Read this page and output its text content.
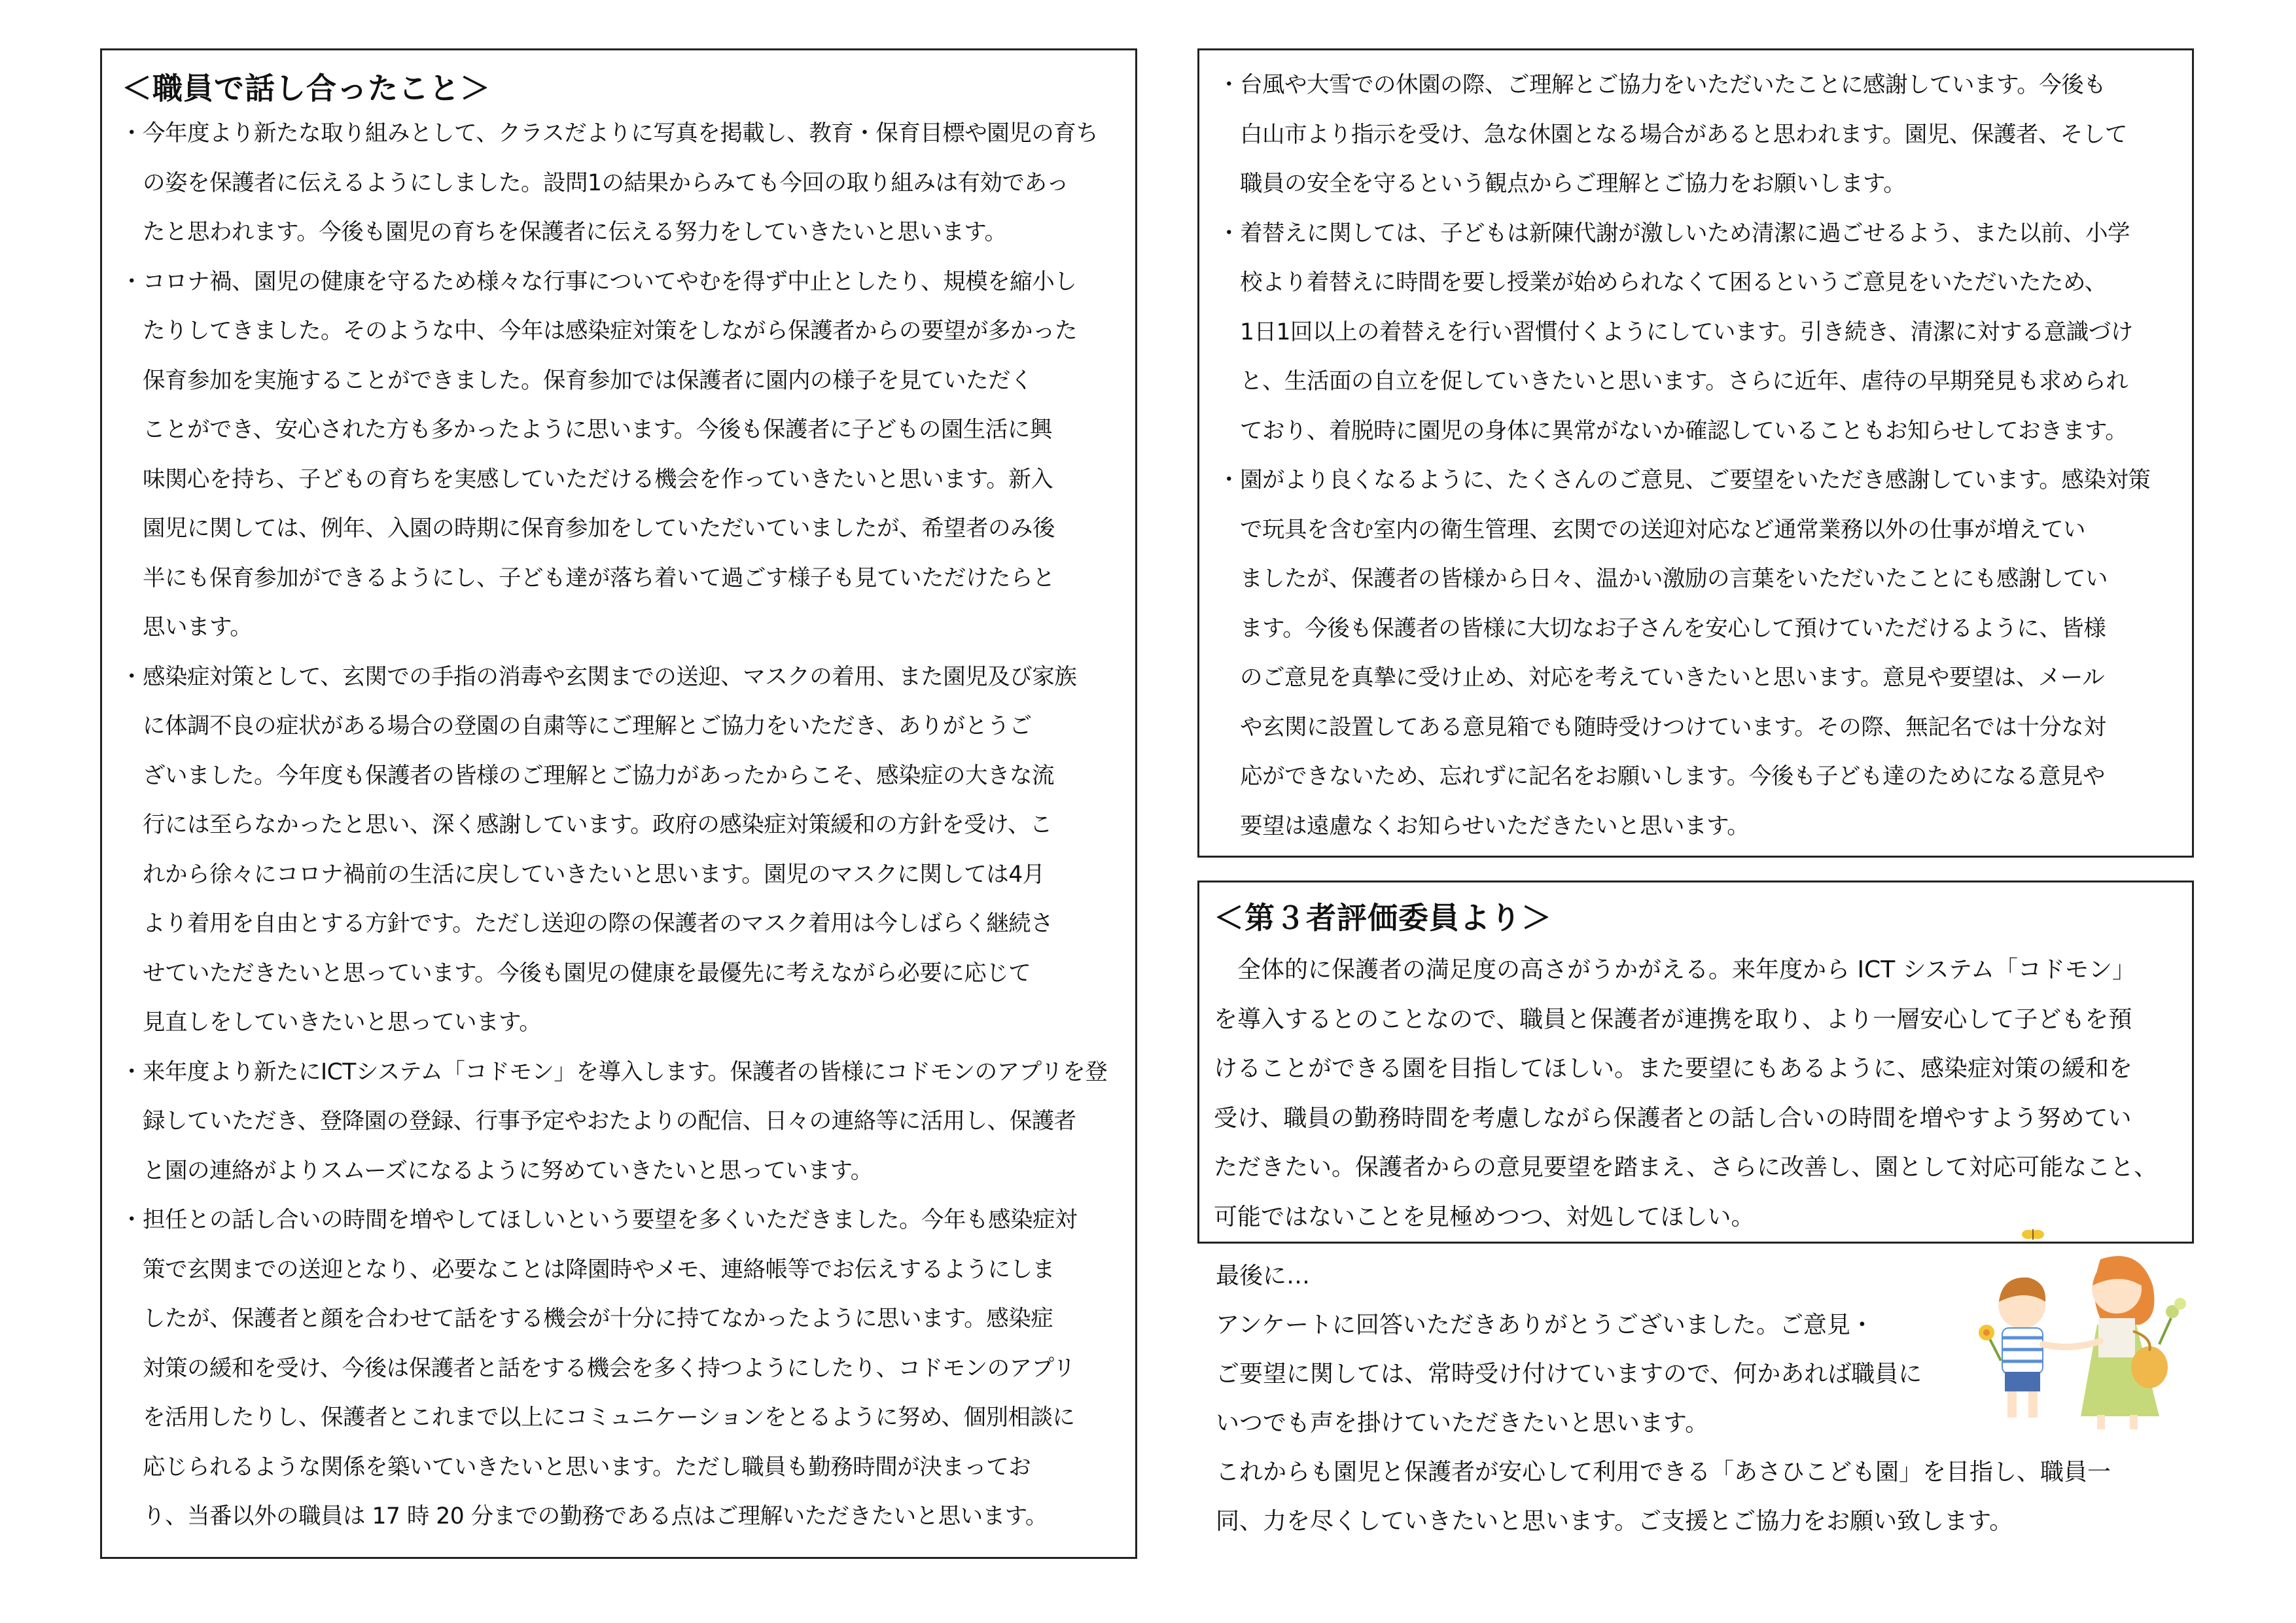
＜職員で話し合ったこと＞
・今年度より新たな取り組みとして、クラスだよりに写真を掲載し、教育・保育目標や園児の育ち
　の姿を保護者に伝えるようにしました。設問1の結果からみても今回の取り組みは有効であっ
　たと思われます。今後も園児の育ちを保護者に伝える努力をしていきたいと思います。
・コロナ禍、園児の健康を守るため様々な行事についてやむを得ず中止としたり、規模を縮小し
　たりしてきました。そのような中、今年は感染症対策をしながら保護者からの要望が多かった
　保育参加を実施することができました。保育参加では保護者に園内の様子を見ていただく
　ことができ、安心された方も多かったように思います。今後も保護者に子どもの園生活に興
　味関心を持ち、子どもの育ちを実感していただける機会を作っていきたいと思います。新入
　園児に関しては、例年、入園の時期に保育参加をしていただいていましたが、希望者のみ後
　半にも保育参加ができるようにし、子ども達が落ち着いて過ごす様子も見ていただけたらと
　思います。
・感染症対策として、玄関での手指の消毒や玄関までの送迎、マスクの着用、また園児及び家族
　に体調不良の症状がある場合の登園の自粛等にご理解とご協力をいただき、ありがとうご
　ざいました。今年度も保護者の皆様のご理解とご協力があったからこそ、感染症の大きな流
　行には至らなかったと思い、深く感謝しています。政府の感染症対策緩和の方針を受け、こ
　れから徐々にコロナ禍前の生活に戻していきたいと思います。園児のマスクに関しては4月
　より着用を自由とする方針です。ただし送迎の際の保護者のマスク着用は今しばらく継続さ
　せていただきたいと思っています。今後も園児の健康を最優先に考えながら必要に応じて
　見直しをしていきたいと思っています。
・来年度より新たにICTシステム「コドモン」を導入します。保護者の皆様にコドモンのアプリを登
　録していただき、登降園の登録、行事予定やおたよりの配信、日々の連絡等に活用し、保護者
　と園の連絡がよりスムーズになるように努めていきたいと思っています。
・担任との話し合いの時間を増やしてほしいという要望を多くいただきました。今年も感染症対
　策で玄関までの送迎となり、必要なことは降園時やメモ、連絡帳等でお伝えするようにしま
　したが、保護者と顔を合わせて話をする機会が十分に持てなかったように思います。感染症
　対策の緩和を受け、今後は保護者と話をする機会を多く持つようにしたり、コドモンのアプリ
　を活用したりし、保護者とこれまで以上にコミュニケーションをとるように努め、個別相談に
　応じられるような関係を築いていきたいと思います。ただし職員も勤務時間が決まってお
　り、当番以外の職員は 17 時 20 分までの勤務である点はご理解いただきたいと思います。
・台風や大雪での休園の際、ご理解とご協力をいただいたことに感謝しています。今後も
　白山市より指示を受け、急な休園となる場合があると思われます。園児、保護者、そして
　職員の安全を守るという観点からご理解とご協力をお願いします。
・着替えに関しては、子どもは新陳代謝が激しいため清潔に過ごせるよう、また以前、小学
　校より着替えに時間を要し授業が始められなくて困るというご意見をいただいたため、
　1日1回以上の着替えを行い習慣付くようにしています。引き続き、清潔に対する意識づけ
　と、生活面の自立を促していきたいと思います。さらに近年、虐待の早期発見も求められ
　ており、着脱時に園児の身体に異常がないか確認していることもお知らせしておきます。
・園がより良くなるように、たくさんのご意見、ご要望をいただき感謝しています。感染対策
　で玩具を含む室内の衛生管理、玄関での送迎対応など通常業務以外の仕事が増えてい
　ましたが、保護者の皆様から日々、温かい激励の言葉をいただいたことにも感謝してい
　ます。今後も保護者の皆様に大切なお子さんを安心して預けていただけるように、皆様
　のご意見を真摯に受け止め、対応を考えていきたいと思います。意見や要望は、メール
　や玄関に設置してある意見箱でも随時受けつけています。その際、無記名では十分な対
　応ができないため、忘れずに記名をお願いします。今後も子ども達のためになる意見や
　要望は遠慮なくお知らせいただきたいと思います。
＜第３者評価委員より＞
　全体的に保護者の満足度の高さがうかがえる。来年度から ICT システム「コドモン」
を導入するとのことなので、職員と保護者が連携を取り、より一層安心して子どもを預
けることができる園を目指してほしい。また要望にもあるように、感染症対策の緩和を
受け、職員の勤務時間を考慮しながら保護者との話し合いの時間を増やすよう努めてい
ただきたい。保護者からの意見要望を踏まえ、さらに改善し、園として対応可能なこと、
可能ではないことを見極めつつ、対処してほしい。
最後に…
アンケートに回答いただきありがとうございました。ご意見・
ご要望に関しては、常時受け付けていますので、何かあれば職員に
いつでも声を掛けていただきたいと思います。
これからも園児と保護者が安心して利用できる「あさひこども園」を目指し、職員一
同、力を尽くしていきたいと思います。ご支援とご協力をお願い致します。
